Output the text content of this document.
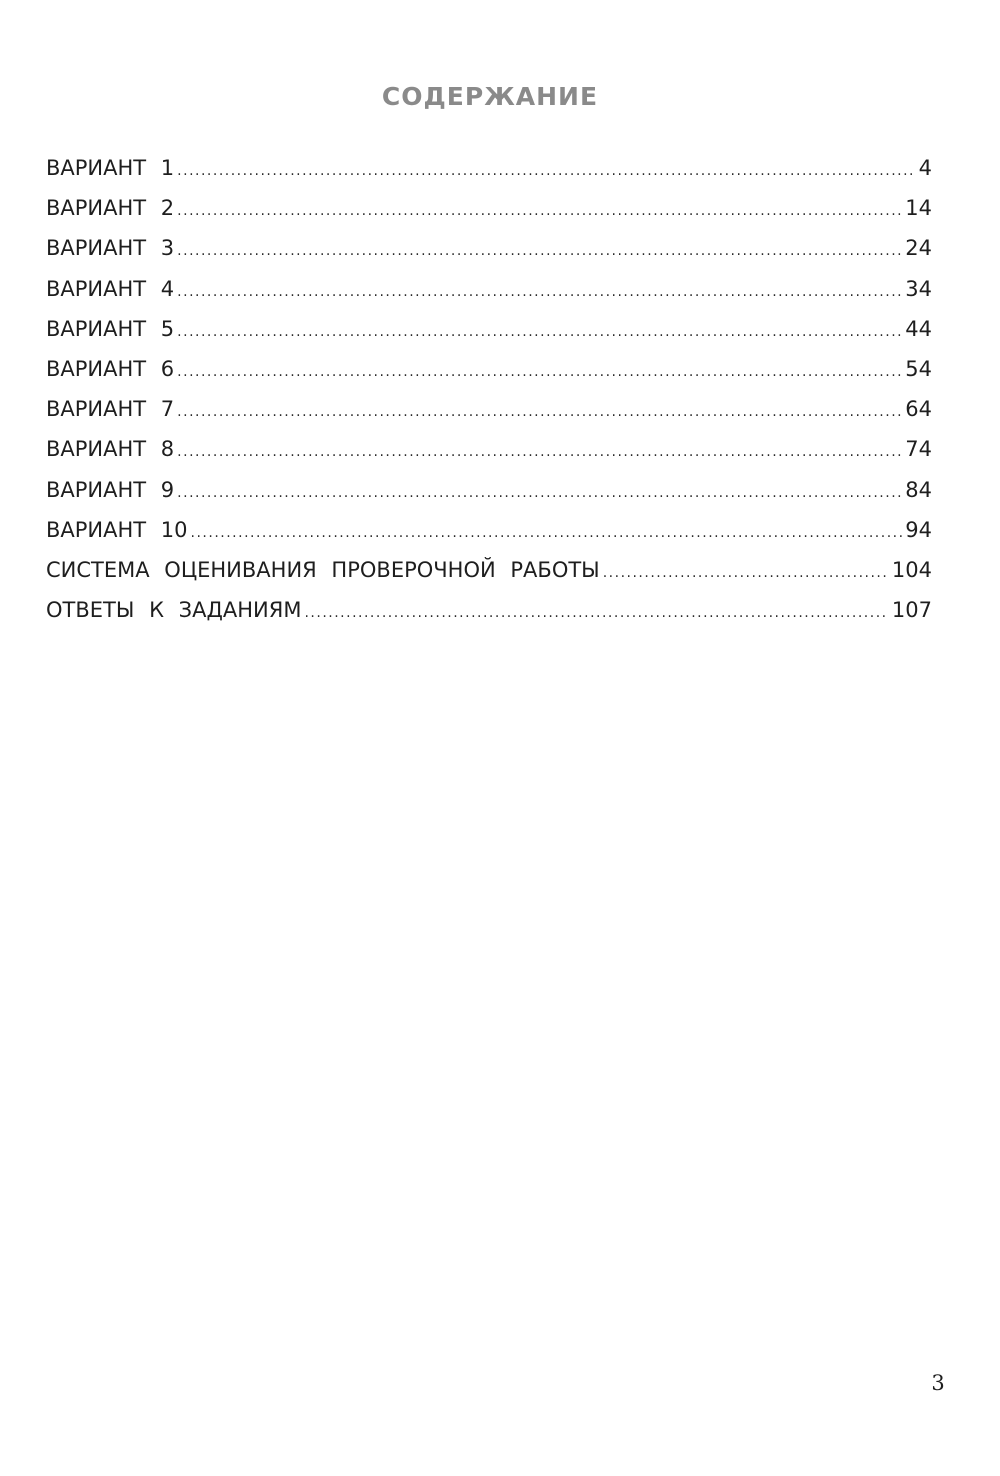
СОДЕРЖАНИЕ
ВАРИАНТ 1 .....	4
ВАРИАНТ 2 .....	14
ВАРИАНТ 3 .....	24
ВАРИАНТ 4 .....	34
ВАРИАНТ 5 .....	44
ВАРИАНТ 6 .....	54
ВАРИАНТ 7 .....	64
ВАРИАНТ 8 .....	74
ВАРИАНТ 9 .....	84
ВАРИАНТ 10 .....	94
СИСТЕМА ОЦЕНИВАНИЯ ПРОВЕРОЧНОЙ РАБОТЫ .....	104
ОТВЕТЫ К ЗАДАНИЯМ .....	107
3
